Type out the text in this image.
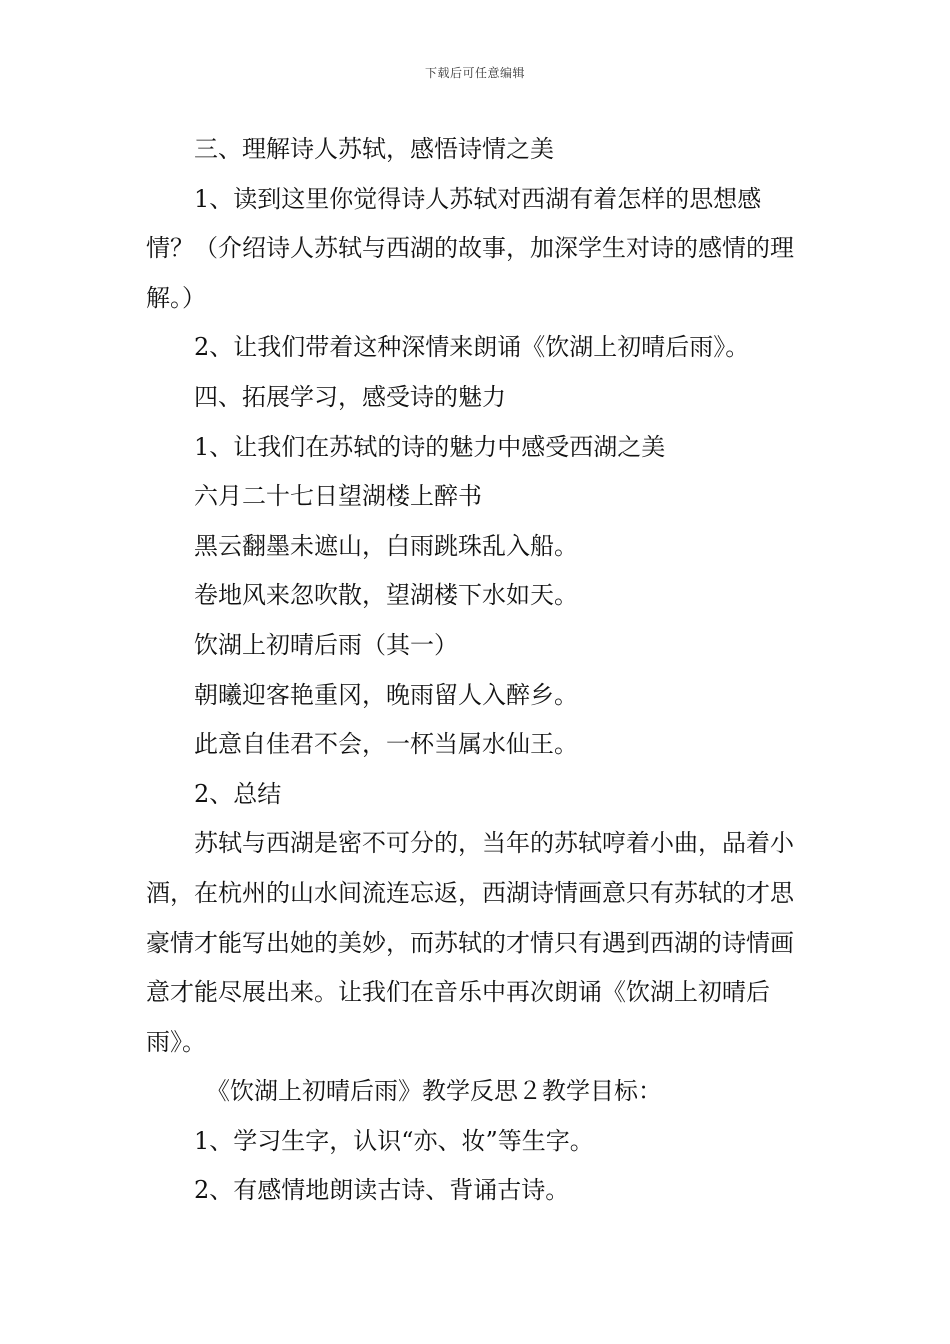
下载后可任意编辑

三、理解诗人苏轼，感悟诗情之美

1、读到这里你觉得诗人苏轼对西湖有着怎样的思想感情？（介绍诗人苏轼与西湖的故事，加深学生对诗的感情的理解。）

2、让我们带着这种深情来朗诵《饮湖上初晴后雨》。

四、拓展学习，感受诗的魅力

1、让我们在苏轼的诗的魅力中感受西湖之美

六月二十七日望湖楼上醉书

黑云翻墨未遮山，白雨跳珠乱入船。

卷地风来忽吹散，望湖楼下水如天。

饮湖上初晴后雨（其一）

朝曦迎客艳重冈，晚雨留人入醉乡。

此意自佳君不会，一杯当属水仙王。

2、总结

苏轼与西湖是密不可分的，当年的苏轼哼着小曲，品着小酒，在杭州的山水间流连忘返，西湖诗情画意只有苏轼的才思豪情才能写出她的美妙，而苏轼的才情只有遇到西湖的诗情画意才能尽展出来。让我们在音乐中再次朗诵《饮湖上初晴后雨》。

《饮湖上初晴后雨》教学反思２教学目标：

1、学习生字，认识“亦、妆”等生字。

2、有感情地朗读古诗、背诵古诗。
